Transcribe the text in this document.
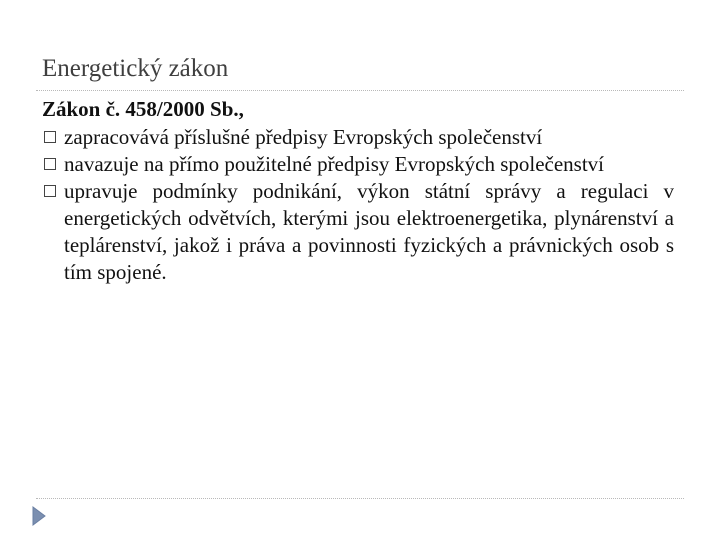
Energetický zákon
Zákon č. 458/2000 Sb.,
zapracovává příslušné předpisy Evropských společenství
navazuje na přímo použitelné předpisy Evropských společenství
upravuje podmínky podnikání, výkon státní správy a regulaci v energetických odvětvích, kterými jsou elektroenergetika, plynárenství a teplárenství, jakož i práva a povinnosti fyzických a právnických osob s tím spojené.
